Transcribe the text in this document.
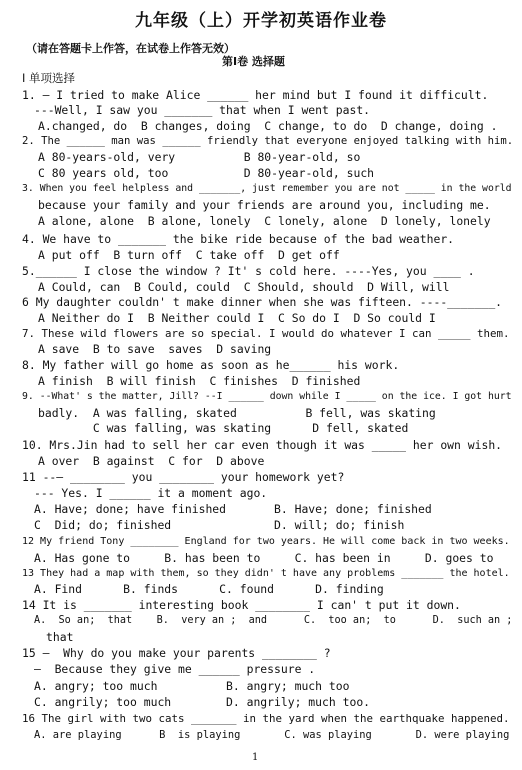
九年级（上）开学初英语作业卷
（请在答题卡上作答，在试卷上作答无效）
第Ⅰ卷 选择题
Ⅰ 单项选择
1. — I tried to make Alice ______ her mind but I found it difficult.
---Well, I saw you _______ that when I went past.
A.changed, do  B changes, doing  C change, to do  D change, doing .
2. The ______ man was ______ friendly that everyone enjoyed talking with him.
A 80-years-old, very          B 80-year-old, so
C 80 years old, too           D 80-year-old, such
3. When you feel helpless and _______, just remember you are not _____ in the world
because your family and your friends are around you, including me.
A alone, alone  B alone, lonely  C lonely, alone  D lonely, lonely
4. We have to _______ the bike ride because of the bad weather.
A put off  B turn off  C take off  D get off
5.______ I close the window ? It' s cold here. ----Yes, you ____ .
A Could, can  B Could, could  C Should, should  D Will, will
6 My daughter couldn' t make dinner when she was fifteen. ----_______.
A Neither do I  B Neither could I  C So do I  D So could I
7. These wild flowers are so special. I would do whatever I can _____ them.
A save  B to save  saves  D saving
8. My father will go home as soon as he______ his work.
A finish  B will finish  C finishes  D finished
9. --What' s the matter, Jill? --I ______ down while I _____ on the ice. I got hurt
badly.  A was falling, skated          B fell, was skating
C was falling, was skating      D fell, skated
10. Mrs.Jin had to sell her car even though it was _____ her own wish.
A over  B against  C for  D above
11 --— ________ you ________ your homework yet?
--- Yes. I ______ it a moment ago.
A. Have; done; have finished       B. Have; done; finished
C  Did; do; finished               D. will; do; finish
12 My friend Tony ________ England for two years. He will come back in two weeks.
A. Has gone to     B. has been to     C. has been in     D. goes to
13 They had a map with them, so they didn' t have any problems _______ the hotel.
A. Find      B. finds      C. found      D. finding
14 It is _______ interesting book ________ I can' t put it down.
A.  So an;  that    B.  very an ;  and      C.  too an;  to      D.  such an ;
that
15 —  Why do you make your parents ________ ?
—  Because they give me ______ pressure .
A. angry; too much          B. angry; much too
C. angrily; too much        D. angrily; much too.
16 The girl with two cats _______ in the yard when the earthquake happened.
A. are playing      B  is playing       C. was playing       D. were playing
1
